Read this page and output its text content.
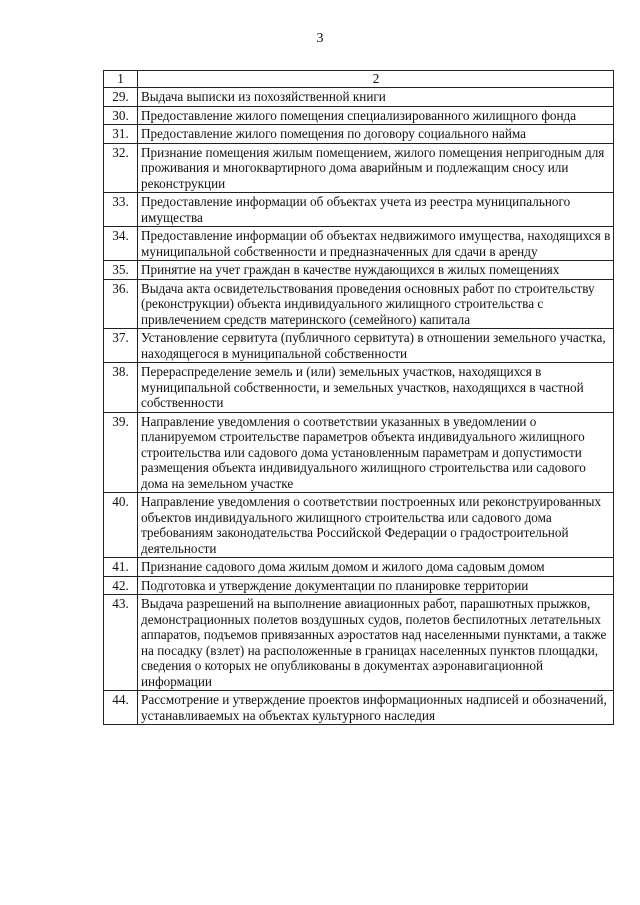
3
1	2
29.	Выдача выписки из похозяйственной книги
30.	Предоставление жилого помещения специализированного жилищного фонда
31.	Предоставление жилого помещения по договору социального найма
32.	Признание помещения жилым помещением, жилого помещения непригодным для проживания и многоквартирного дома аварийным и подлежащим сносу или реконструкции
33.	Предоставление информации об объектах учета из реестра муниципального имущества
34.	Предоставление информации об объектах недвижимого имущества, находящихся в муниципальной собственности и предназначенных для сдачи в аренду
35.	Принятие на учет граждан в качестве нуждающихся в жилых помещениях
36.	Выдача акта освидетельствования проведения основных работ по строительству (реконструкции) объекта индивидуального жилищного строительства с привлечением средств материнского (семейного) капитала
37.	Установление сервитута (публичного сервитута) в отношении земельного участка, находящегося в муниципальной собственности
38.	Перераспределение земель и (или) земельных участков, находящихся в муниципальной собственности, и земельных участков, находящихся в частной собственности
39.	Направление уведомления о соответствии указанных в уведомлении о планируемом строительстве параметров объекта индивидуального жилищного строительства или садового дома установленным параметрам и допустимости размещения объекта индивидуального жилищного строительства или садового дома на земельном участке
40.	Направление уведомления о соответствии построенных или реконструированных объектов индивидуального жилищного строительства или садового дома требованиям законодательства Российской Федерации о градостроительной деятельности
41.	Признание садового дома жилым домом и жилого дома садовым домом
42.	Подготовка и утверждение документации по планировке территории
43.	Выдача разрешений на выполнение авиационных работ, парашютных прыжков, демонстрационных полетов воздушных судов, полетов беспилотных летательных аппаратов, подъемов привязанных аэростатов над населенными пунктами, а также на посадку (взлет) на расположенные в границах населенных пунктов площадки, сведения о которых не опубликованы в документах аэронавигационной информации
44.	Рассмотрение и утверждение проектов информационных надписей и обозначений, устанавливаемых на объектах культурного наследия
